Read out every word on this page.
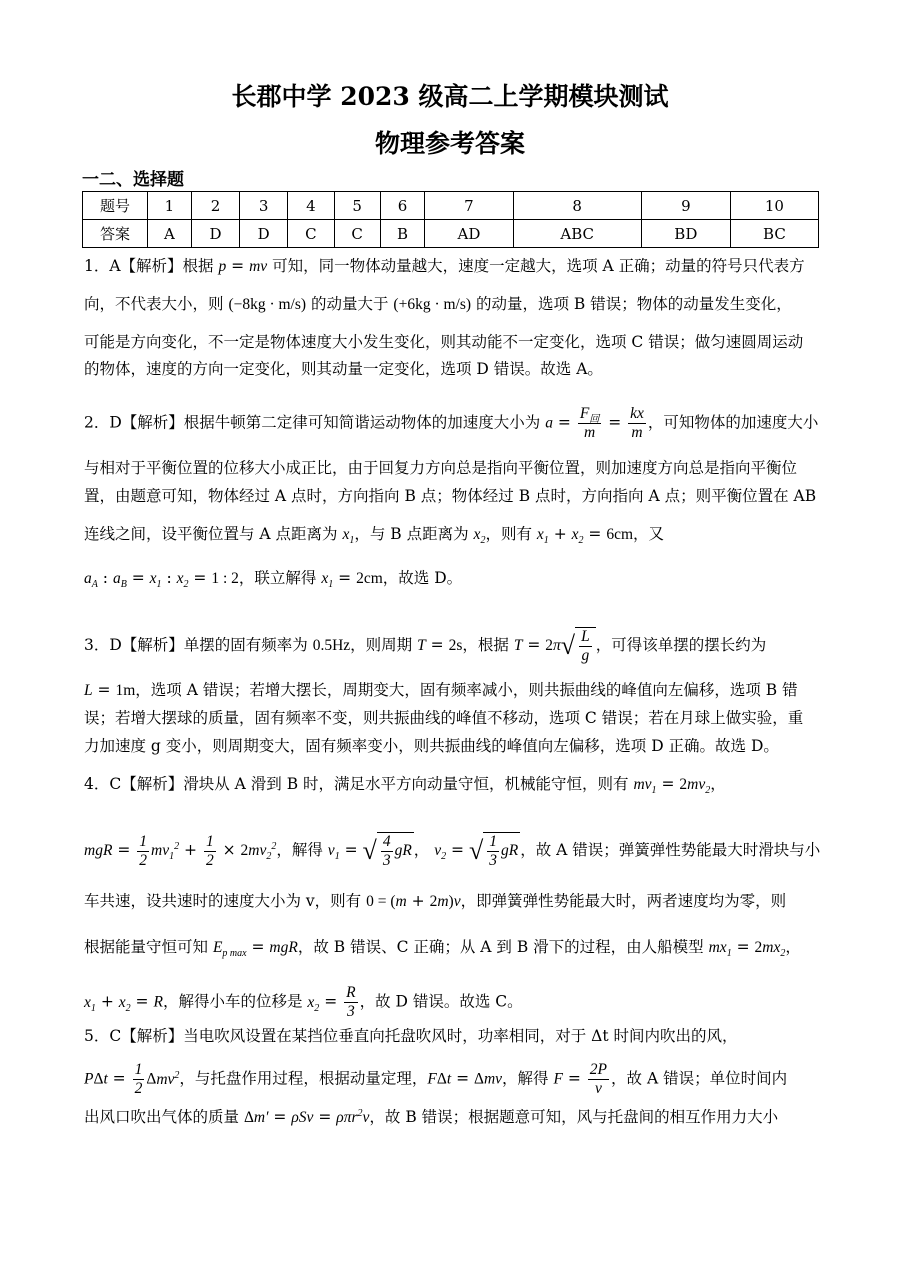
长郡中学 2023 级高二上学期模块测试
物理参考答案
一二、选择题
题号	1	2	3	4	5	6	7	8	9	10
答案	A	D	D	C	C	B	AD	ABC	BD	BC
1．A【解析】根据 p = mv 可知，同一物体动量越大，速度一定越大，选项 A 正确；动量的符号只代表方
向，不代表大小，则 (−8kg · m/s) 的动量大于 (+6kg · m/s) 的动量，选项 B 错误；物体的动量发生变化，
可能是方向变化，不一定是物体速度大小发生变化，则其动能不一定变化，选项 C 错误；做匀速圆周运动
的物体，速度的方向一定变化，则其动量一定变化，选项 D 错误。故选 A。
2．D【解析】根据牛顿第二定律可知简谐运动物体的加速度大小为 $a = \frac{F_回}{m} = \frac{kx}{m}$ ，可知物体的加速度大小
与相对于平衡位置的位移大小成正比，由于回复力方向总是指向平衡位置，则加速度方向总是指向平衡位
置，由题意可知，物体经过 A 点时，方向指向 B 点；物体经过 B 点时，方向指向 A 点；则平衡位置在 AB
连线之间，设平衡位置与 A 点距离为 $x_1$，与 B 点距离为 $x_2$，则有 $x_1 + x_2 = 6cm$，又
$a_A$ : $a_B = x_1$ : $x_2 = 1$ : 2，联立解得 $x_1 = 2cm$，故选 D。
3．D【解析】单摆的固有频率为 0.5Hz，则周期 T = 2s，根据 $T = 2\pi√ \frac{L}{g}$ ，可得该单摆的摆长约为
L = 1m，选项 A 错误；若增大摆长，周期变大，固有频率减小，则共振曲线的峰值向左偏移，选项 B 错
误；若增大摆球的质量，固有频率不变，则共振曲线的峰值不移动，选项 C 错误；若在月球上做实验，重
力加速度 g 变小，则周期变大，固有频率变小，则共振曲线的峰值向左偏移，选项 D 正确。故选 D。
4．C【解析】滑块从 A 滑到 B 时，满足水平方向动量守恒，机械能守恒，则有 $mv_1 = 2mv_2$，
mgR = $\frac{1}{2} mv_1^2 + \frac{1}{2} \times 2mv_2^2$，解得 $v_1$ = √ $\frac{4}{3}$ gR ， $v_2$ = √ $\frac{1}{3}$ gR ，故 A 错误；弹簧弹性势能最大时滑块与小
车共速，设共速时的速度大小为 v，则有 0 = (m + 2m)v，即弹簧弹性势能最大时，两者速度均为零，则
根据能量守恒可知 $E_{p max}$ = mgR，故 B 错误、C 正确；从 A 到 B 滑下的过程，由人船模型 $mx_1 = 2mx_2$，
$x_1 + x_2 = R$，解得小车的位移是 $x_2 = \frac{R}{3}$ ，故 D 错误。故选 C。
5．C【解析】当电吹风设置在某挡位垂直向托盘吹风时，功率相同，对于 Δt 时间内吹出的风，
$P\Delta t = \frac{1}{2} \Delta mv^2$，与托盘作用过程，根据动量定理，FΔt = Δmv，解得 $F = \frac{2P}{v}$ ，故 A 错误；单位时间内
出风口吹出气体的质量 Δm′ = ρSv = ρπr$^2$v，故 B 错误；根据题意可知，风与托盘间的相互作用力大小
